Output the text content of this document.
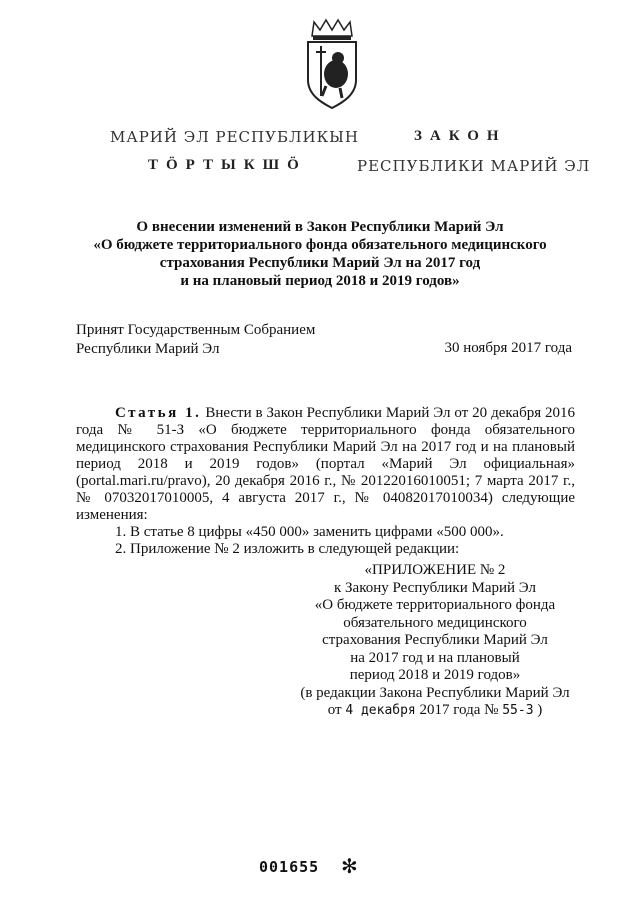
МАРИЙ ЭЛ РЕСПУБЛИКЫН
ТӦРТЫКШӦ
ЗАКОН
РЕСПУБЛИКИ МАРИЙ ЭЛ
О внесении изменений в Закон Республики Марий Эл
«О бюджете территориального фонда обязательного медицинского
страхования Республики Марий Эл на 2017 год
и на плановый период 2018 и 2019 годов»
Принят Государственным Собранием
Республики Марий Эл	30 ноября 2017 года

Статья 1. Внести в Закон Республики Марий Эл от 20 декабря 2016 года № 51-З «О бюджете территориального фонда обязательного медицинского страхования Республики Марий Эл на 2017 год и на плановый период 2018 и 2019 годов» (портал «Марий Эл официальная» (portal.mari.ru/pravo), 20 декабря 2016 г., № 20122016010051; 7 марта 2017 г., № 07032017010005, 4 августа 2017 г., № 04082017010034) следующие изменения:

1. В статье 8 цифры «450 000» заменить цифрами «500 000».

2. Приложение № 2 изложить в следующей редакции:

«ПРИЛОЖЕНИЕ № 2
к Закону Республики Марий Эл
«О бюджете территориального фонда
обязательного медицинского
страхования Республики Марий Эл
на 2017 год и на плановый
период 2018 и 2019 годов»
(в редакции Закона Республики Марий Эл
от 4 декабря 2017 года № 55-З )
001655 ✻
